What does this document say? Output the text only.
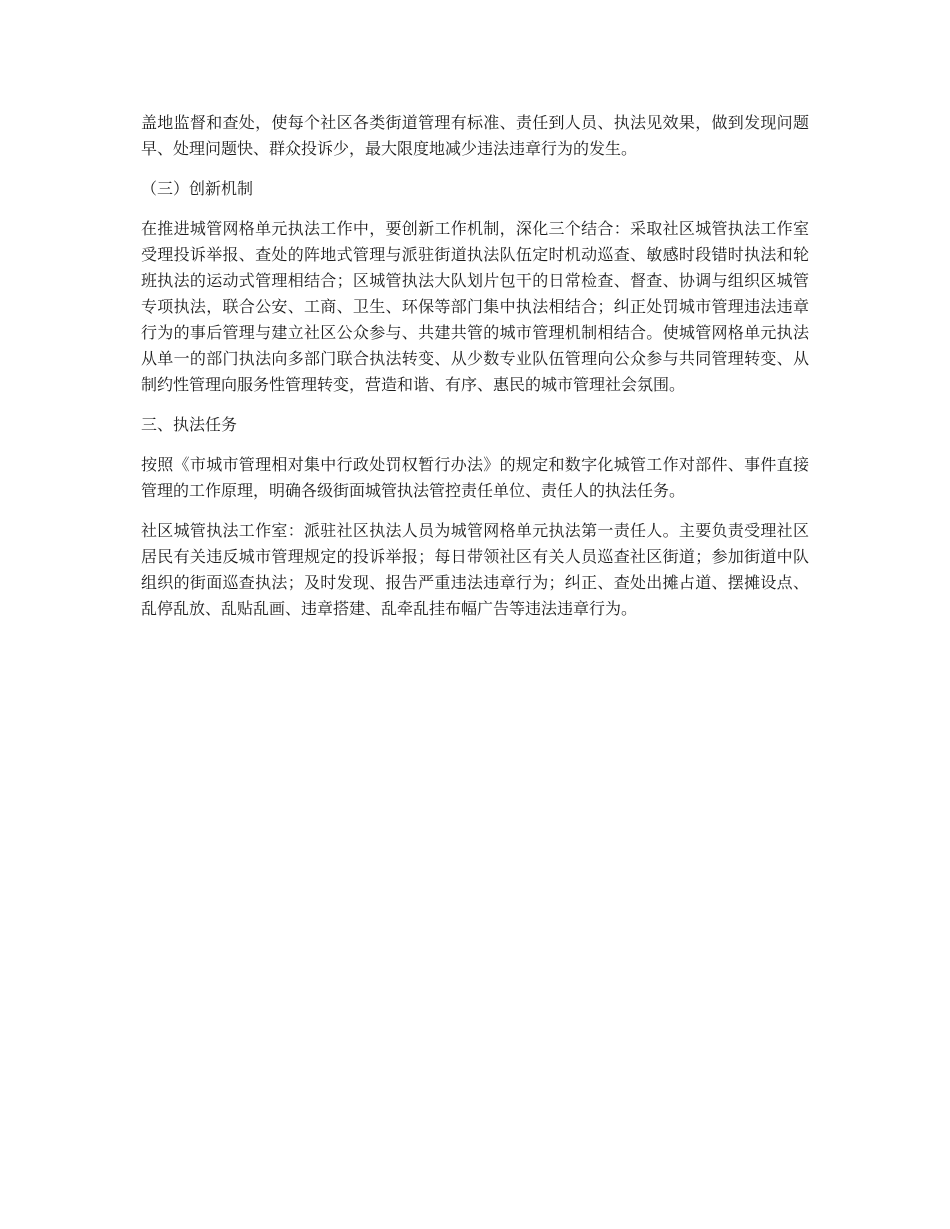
盖地监督和查处，使每个社区各类街道管理有标准、责任到人员、执法见效果，做到发现问题早、处理问题快、群众投诉少，最大限度地减少违法违章行为的发生。

（三）创新机制

在推进城管网格单元执法工作中，要创新工作机制，深化三个结合：采取社区城管执法工作室受理投诉举报、查处的阵地式管理与派驻街道执法队伍定时机动巡查、敏感时段错时执法和轮班执法的运动式管理相结合；区城管执法大队划片包干的日常检查、督查、协调与组织区城管专项执法，联合公安、工商、卫生、环保等部门集中执法相结合；纠正处罚城市管理违法违章行为的事后管理与建立社区公众参与、共建共管的城市管理机制相结合。使城管网格单元执法从单一的部门执法向多部门联合执法转变、从少数专业队伍管理向公众参与共同管理转变、从制约性管理向服务性管理转变，营造和谐、有序、惠民的城市管理社会氛围。

三、执法任务

按照《市城市管理相对集中行政处罚权暂行办法》的规定和数字化城管工作对部件、事件直接管理的工作原理，明确各级街面城管执法管控责任单位、责任人的执法任务。

社区城管执法工作室：派驻社区执法人员为城管网格单元执法第一责任人。主要负责受理社区居民有关违反城市管理规定的投诉举报；每日带领社区有关人员巡查社区街道；参加街道中队组织的街面巡查执法；及时发现、报告严重违法违章行为；纠正、查处出摊占道、摆摊设点、乱停乱放、乱贴乱画、违章搭建、乱牵乱挂布幅广告等违法违章行为。
